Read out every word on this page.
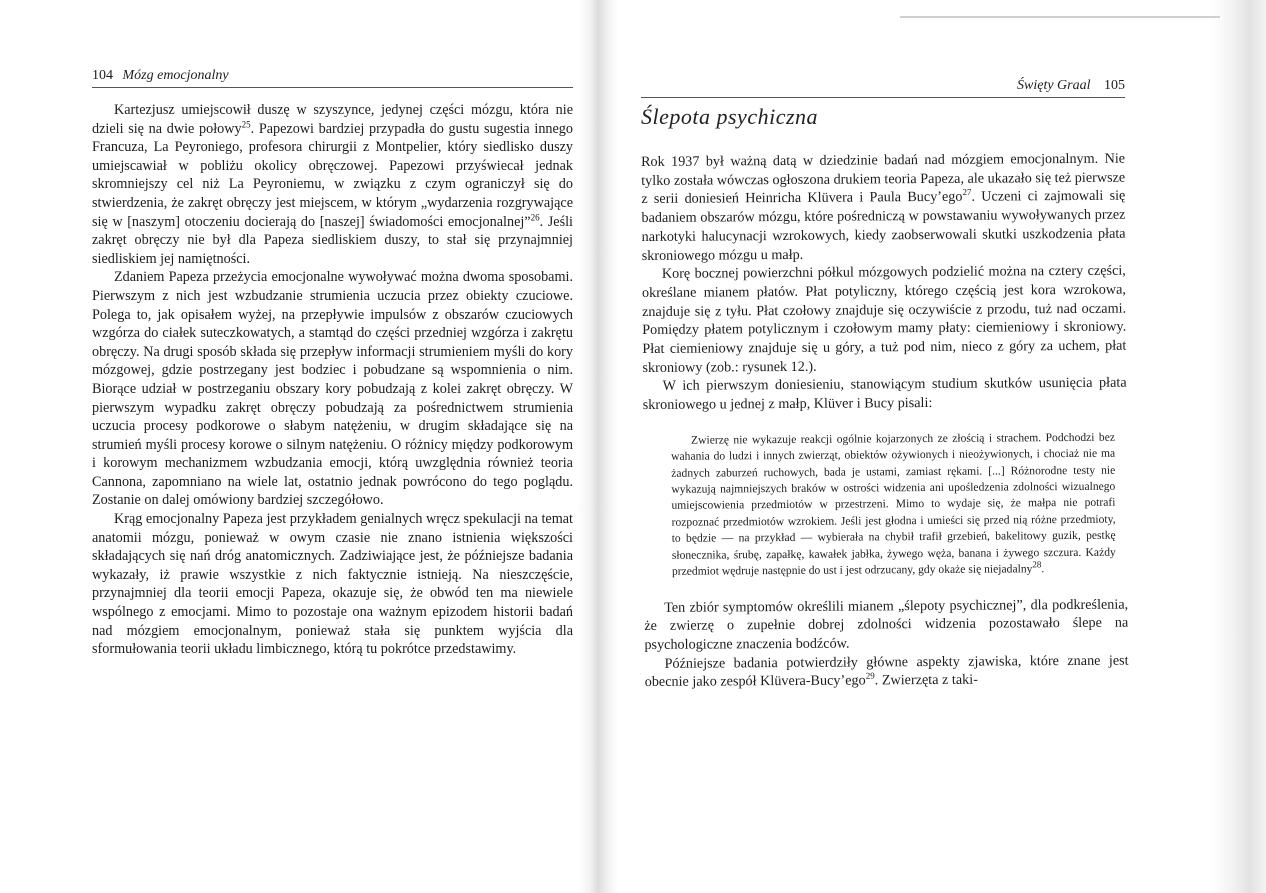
104 Mózg emocjonalny

Kartezjusz umiejscowił duszę w szyszynce, jedynej części mózgu, która nie dzieli się na dwie połowy$^{25}$. Papezowi bardziej przypadła do gustu sugestia innego Francuza, La Peyroniego, profesora chirurgii z Montpelier, który siedlisko duszy umiejscawiał w pobliżu okolicy obręczowej. Papezowi przyświecał jednak skromniejszy cel niż La Peyroniemu, w związku z czym ograniczył się do stwierdzenia, że zakręt obręczy jest miejscem, w którym „wydarzenia rozgrywające się w [naszym] otoczeniu docierają do [naszej] świadomości emocjonalnej”$^{26}$. Jeśli zakręt obręczy nie był dla Papeza siedliskiem duszy, to stał się przynajmniej siedliskiem jej namiętności.

Zdaniem Papeza przeżycia emocjonalne wywoływać można dwoma sposobami. Pierwszym z nich jest wzbudzanie strumienia uczucia przez obiekty czuciowe. Polega to, jak opisałem wyżej, na przepływie impulsów z obszarów czuciowych wzgórza do ciałek suteczkowatych, a stamtąd do części przedniej wzgórza i zakrętu obręczy. Na drugi sposób składa się przepływ informacji strumieniem myśli do kory mózgowej, gdzie postrzegany jest bodziec i pobudzane są wspomnienia o nim. Biorące udział w postrzeganiu obszary kory pobudzają z kolei zakręt obręczy. W pierwszym wypadku zakręt obręczy pobudzają za pośrednictwem strumienia uczucia procesy podkorowe o słabym natężeniu, w drugim składające się na strumień myśli procesy korowe o silnym natężeniu. O różnicy między podkorowym i korowym mechanizmem wzbudzania emocji, którą uwzględnia również teoria Cannona, zapomniano na wiele lat, ostatnio jednak powrócono do tego poglądu. Zostanie on dalej omówiony bardziej szczegółowo.

Krąg emocjonalny Papeza jest przykładem genialnych wręcz spekulacji na temat anatomii mózgu, ponieważ w owym czasie nie znano istnienia większości składających się nań dróg anatomicznych. Zadziwiające jest, że późniejsze badania wykazały, iż prawie wszystkie z nich faktycznie istnieją. Na nieszczęście, przynajmniej dla teorii emocji Papeza, okazuje się, że obwód ten ma niewiele wspólnego z emocjami. Mimo to pozostaje ona ważnym epizodem historii badań nad mózgiem emocjonalnym, ponieważ stała się punktem wyjścia dla sformułowania teorii układu limbicznego, którą tu pokrótce przedstawimy.

Święty Graal 105
Ślepota psychiczna

Rok 1937 był ważną datą w dziedzinie badań nad mózgiem emocjonalnym. Nie tylko została wówczas ogłoszona drukiem teoria Papeza, ale ukazało się też pierwsze z serii doniesień Heinricha Klüvera i Paula Bucy’ego$^{27}$. Uczeni ci zajmowali się badaniem obszarów mózgu, które pośredniczą w powstawaniu wywoływanych przez narkotyki halucynacji wzrokowych, kiedy zaobserwowali skutki uszkodzenia płata skroniowego mózgu u małp.

Korę bocznej powierzchni półkul mózgowych podzielić można na cztery części, określane mianem płatów. Płat potyliczny, którego częścią jest kora wzrokowa, znajduje się z tyłu. Płat czołowy znajduje się oczywiście z przodu, tuż nad oczami. Pomiędzy płatem potylicznym i czołowym mamy płaty: ciemieniowy i skroniowy. Płat ciemieniowy znajduje się u góry, a tuż pod nim, nieco z góry za uchem, płat skroniowy (zob.: rysunek 12.).

W ich pierwszym doniesieniu, stanowiącym studium skutków usunięcia płata skroniowego u jednej z małp, Klüver i Bucy pisali:

Zwierzę nie wykazuje reakcji ogólnie kojarzonych ze złością i strachem. Podchodzi bez wahania do ludzi i innych zwierząt, obiektów ożywionych i nieożywionych, i chociaż nie ma żadnych zaburzeń ruchowych, bada je ustami, zamiast rękami. [...] Różnorodne testy nie wykazują najmniejszych braków w ostrości widzenia ani upośledzenia zdolności wizualnego umiejscowienia przedmiotów w przestrzeni. Mimo to wydaje się, że małpa nie potrafi rozpoznać przedmiotów wzrokiem. Jeśli jest głodna i umieści się przed nią różne przedmioty, to będzie — na przykład — wybierała na chybił trafił grzebień, bakelitowy guzik, pestkę słonecznika, śrubę, zapałkę, kawałek jabłka, żywego węża, banana i żywego szczura. Każdy przedmiot wędruje następnie do ust i jest odrzucany, gdy okaże się niejadalny$^{28}$.

Ten zbiór symptomów określili mianem „ślepoty psychicznej”, dla podkreślenia, że zwierzę o zupełnie dobrej zdolności widzenia pozostawało ślepe na psychologiczne znaczenia bodźców.

Późniejsze badania potwierdziły główne aspekty zjawiska, które znane jest obecnie jako zespół Klüvera-Bucy’ego$^{29}$. Zwierzęta z taki-
